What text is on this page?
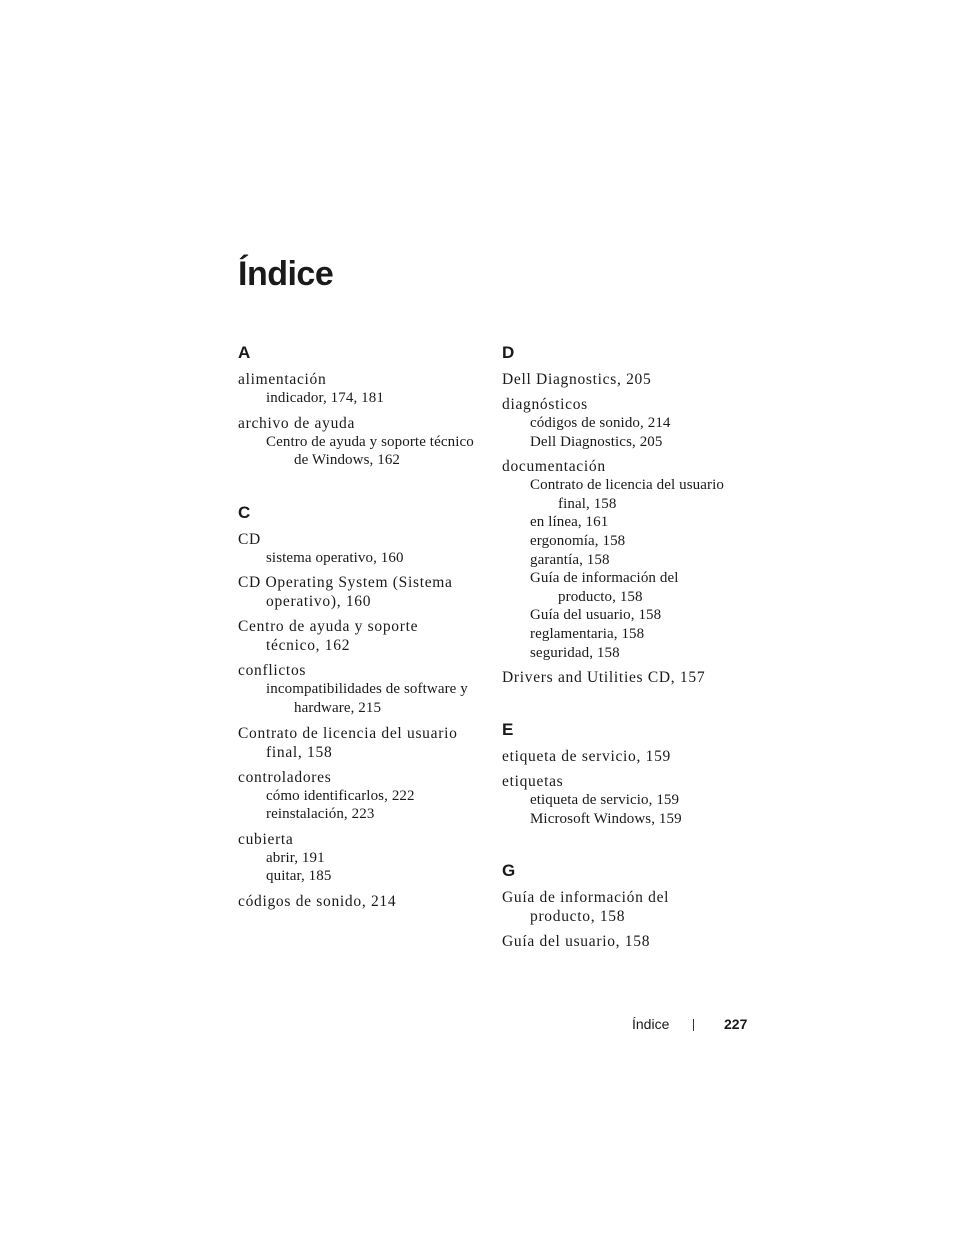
Índice
A
alimentación
indicador, 174, 181
archivo de ayuda
Centro de ayuda y soporte técnico
de Windows, 162
C
CD
sistema operativo, 160
CD Operating System (Sistema
operativo), 160
Centro de ayuda y soporte
técnico, 162
conflictos
incompatibilidades de software y
hardware, 215
Contrato de licencia del usuario
final, 158
controladores
cómo identificarlos, 222
reinstalación, 223
cubierta
abrir, 191
quitar, 185
códigos de sonido, 214
D
Dell Diagnostics, 205
diagnósticos
códigos de sonido, 214
Dell Diagnostics, 205
documentación
Contrato de licencia del usuario
final, 158
en línea, 161
ergonomía, 158
garantía, 158
Guía de información del
producto, 158
Guía del usuario, 158
reglamentaria, 158
seguridad, 158
Drivers and Utilities CD, 157
E
etiqueta de servicio, 159
etiquetas
etiqueta de servicio, 159
Microsoft Windows, 159
G
Guía de información del
producto, 158
Guía del usuario, 158
Índice	227
